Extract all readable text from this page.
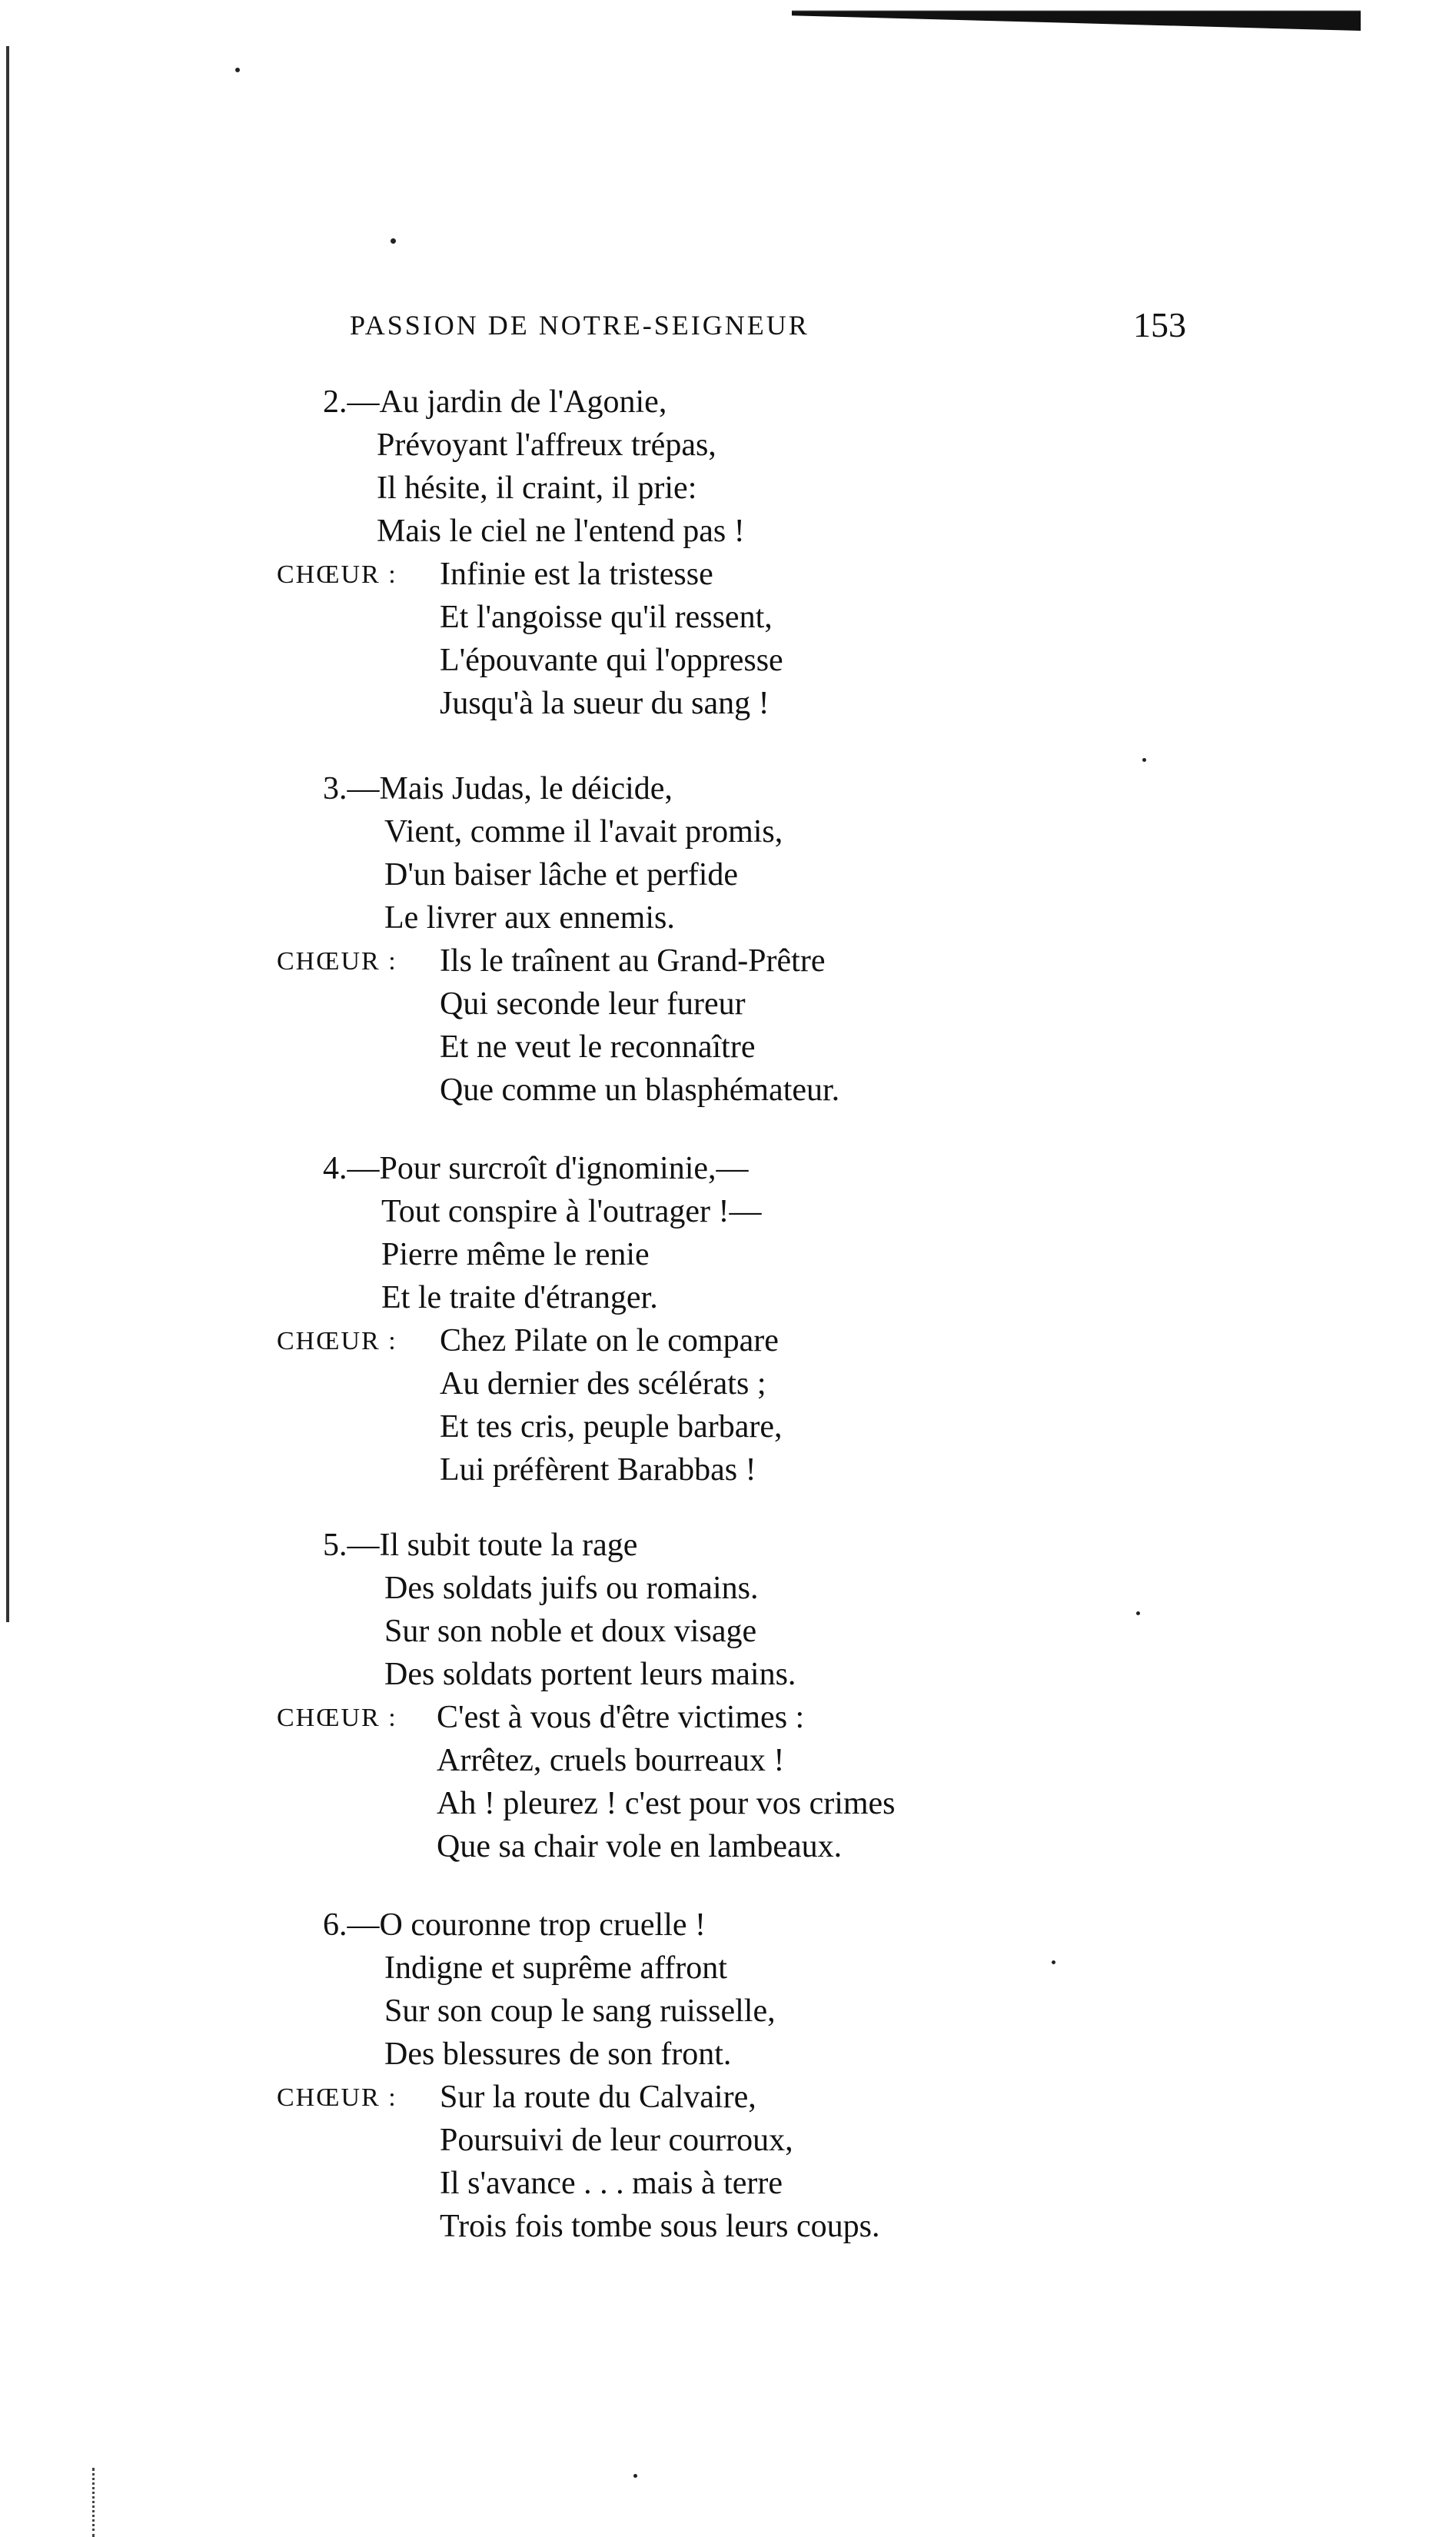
PASSION DE NOTRE-SEIGNEUR	153
2.—Au jardin de l'Agonie,
Prévoyant l'affreux trépas,
Il hésite, il craint, il prie:
Mais le ciel ne l'entend pas !
CHŒUR : Infinie est la tristesse
Et l'angoisse qu'il ressent,
L'épouvante qui l'oppresse
Jusqu'à la sueur du sang !
3.—Mais Judas, le déicide,
Vient, comme il l'avait promis,
D'un baiser lâche et perfide
Le livrer aux ennemis.
CHŒUR : Ils le traînent au Grand-Prêtre
Qui seconde leur fureur
Et ne veut le reconnaître
Que comme un blasphémateur.
4.—Pour surcroît d'ignominie,—
Tout conspire à l'outrager !—
Pierre même le renie
Et le traite d'étranger.
CHŒUR : Chez Pilate on le compare
Au dernier des scélérats ;
Et tes cris, peuple barbare,
Lui préfèrent Barabbas !
5.—Il subit toute la rage
Des soldats juifs ou romains.
Sur son noble et doux visage
Des soldats portent leurs mains.
CHŒUR : C'est à vous d'être victimes :
Arrêtez, cruels bourreaux !
Ah ! pleurez ! c'est pour vos crimes
Que sa chair vole en lambeaux.
6.—O couronne trop cruelle !
Indigne et suprême affront
Sur son coup le sang ruisselle,
Des blessures de son front.
CHŒUR : Sur la route du Calvaire,
Poursuivi de leur courroux,
Il s'avance . . . mais à terre
Trois fois tombe sous leurs coups.
